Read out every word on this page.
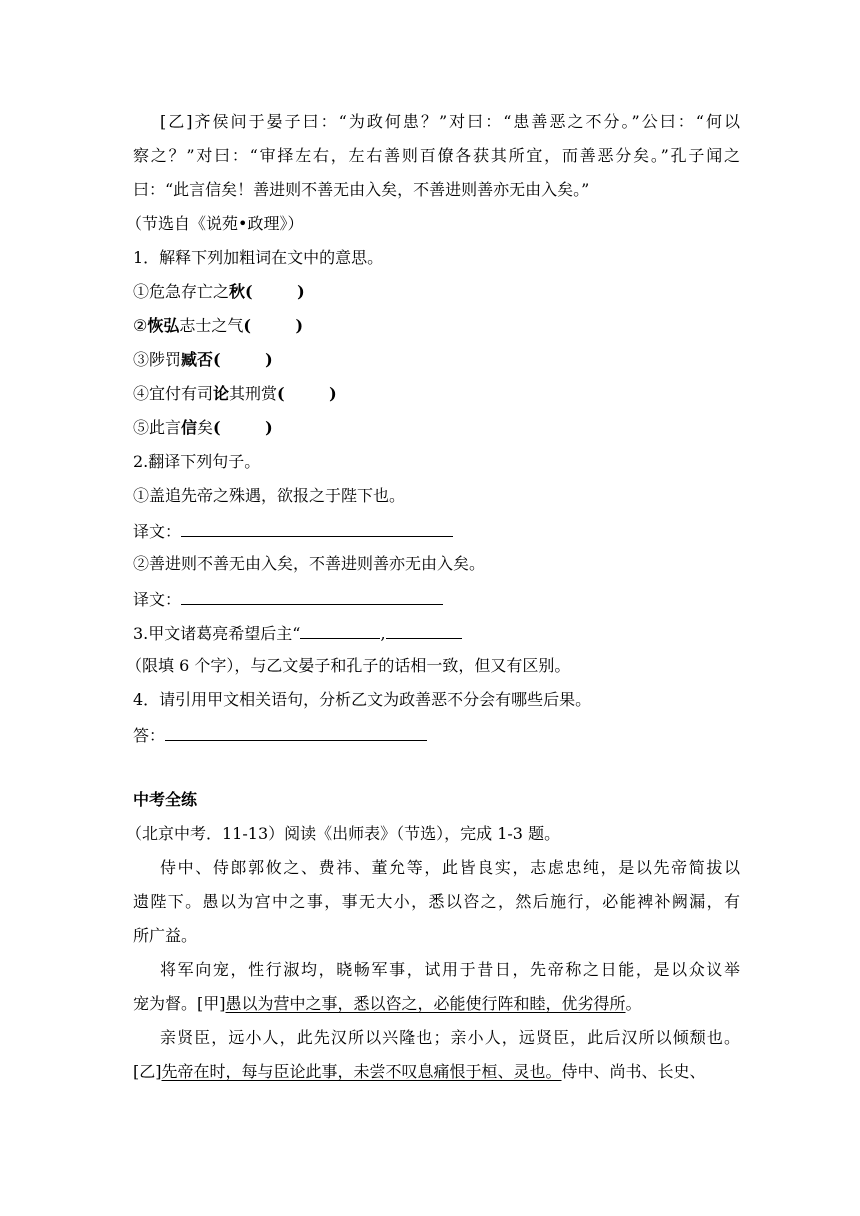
[乙]齐侯问于晏子曰：“为政何患？”对曰：“患善恶之不分。”公曰：“何以

察之？”对曰：“审择左右，左右善则百僚各获其所宜，而善恶分矣。”孔子闻之

曰：“此言信矣！善进则不善无由入矣，不善进则善亦无由入矣。”

（节选自《说苑•政理》）

1．解释下列加粗词在文中的意思。

①危急存亡之秋(        )

②恢弘志士之气(        )

③陟罚臧否(        )

④宜付有司论其刑赏(        )

⑤此言信矣(        )

2.翻译下列句子。

①盖追先帝之殊遇，欲报之于陛下也。

译文：

②善进则不善无由入矣，不善进则善亦无由入矣。

译文：

3.甲文诸葛亮希望后主“	,

（限填 6 个字），与乙文晏子和孔子的话相一致，但又有区别。

4．请引用甲文相关语句，分析乙文为政善恶不分会有哪些后果。

答：

中考全练

（北京中考．11-13）阅读《出师表》（节选），完成 1-3 题。

侍中、侍郎郭攸之、费祎、董允等，此皆良实，志虑忠纯，是以先帝简拔以

遗陛下。愚以为宫中之事，事无大小，悉以咨之，然后施行，必能裨补阙漏，有

所广益。

将军向宠，性行淑均，晓畅军事，试用于昔日，先帝称之日能，是以众议举

宠为督。[甲]愚以为营中之事，悉以咨之，必能使行阵和睦，优劣得所。

亲贤臣，远小人，此先汉所以兴隆也；亲小人，远贤臣，此后汉所以倾颓也。

[乙]先帝在时，每与臣论此事，未尝不叹息痛恨于桓、灵也。侍中、尚书、长史、
